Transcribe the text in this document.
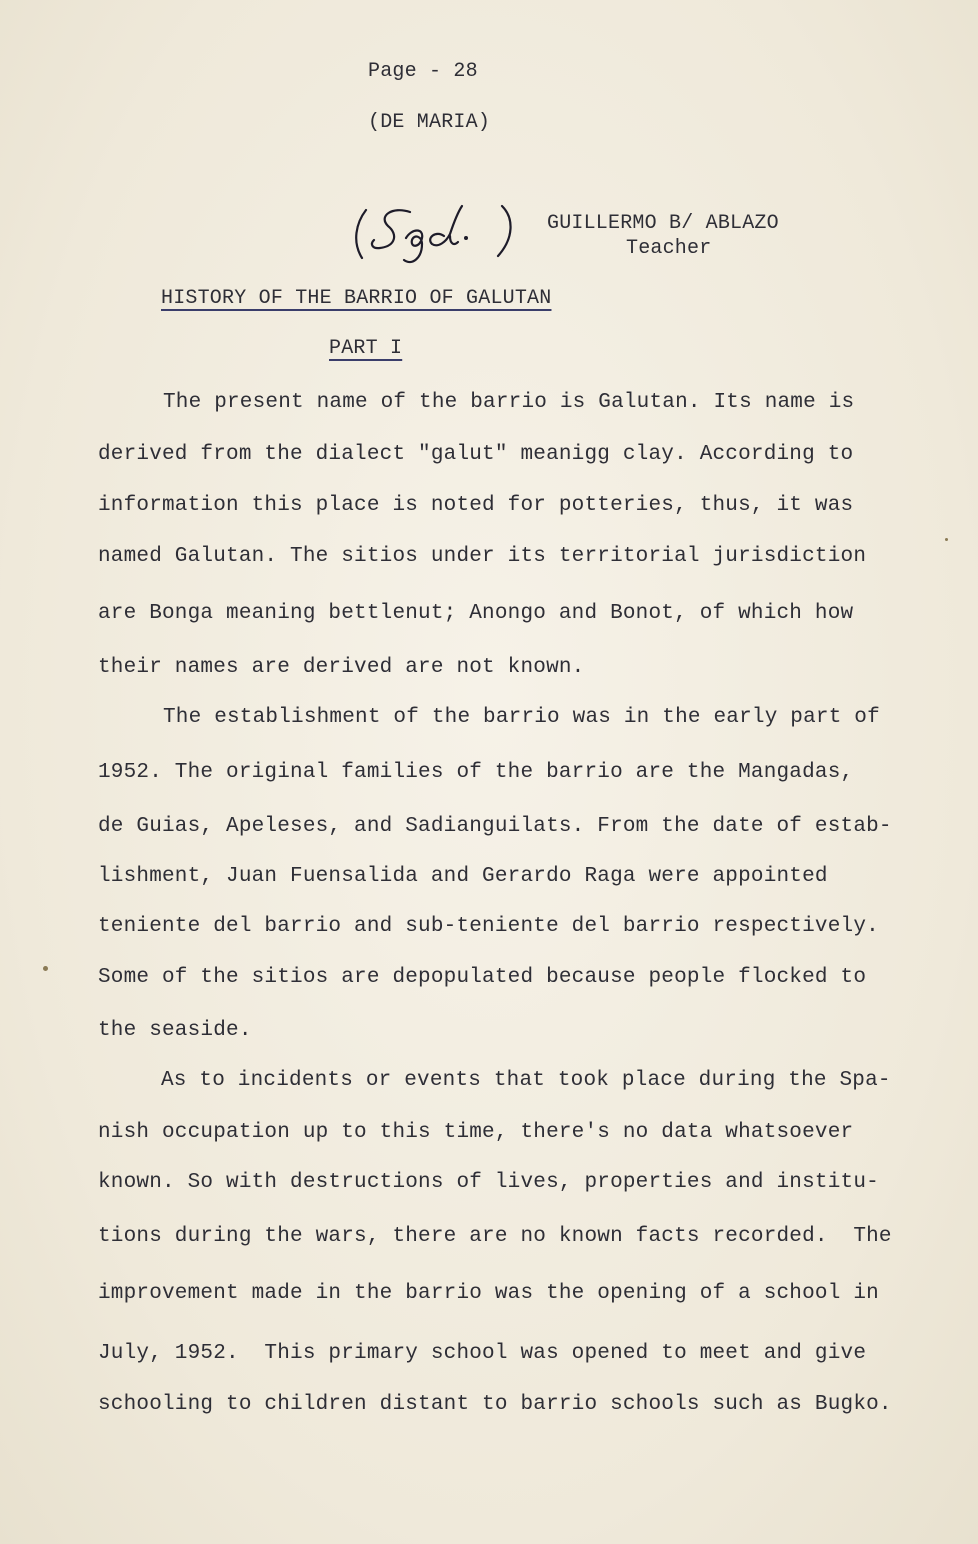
Page - 28
(DE MARIA)
GUILLERMO B/ ABLAZO
Teacher
HISTORY OF THE BARRIO OF GALUTAN
PART I
The present name of the barrio is Galutan. Its name is
derived from the dialect "galut" meanigg clay. According to
information this place is noted for potteries, thus, it was
named Galutan. The sitios under its territorial jurisdiction
are Bonga meaning bettlenut; Anongo and Bonot, of which how
their names are derived are not known.
The establishment of the barrio was in the early part of
1952. The original families of the barrio are the Mangadas,
de Guias, Apeleses, and Sadianguilats. From the date of estab-
lishment, Juan Fuensalida and Gerardo Raga were appointed
teniente del barrio and sub-teniente del barrio respectively.
Some of the sitios are depopulated because people flocked to
the seaside.
As to incidents or events that took place during the Spa-
nish occupation up to this time, there's no data whatsoever
known. So with destructions of lives, properties and institu-
tions during the wars, there are no known facts recorded.  The
improvement made in the barrio was the opening of a school in
July, 1952.  This primary school was opened to meet and give
schooling to children distant to barrio schools such as Bugko.
